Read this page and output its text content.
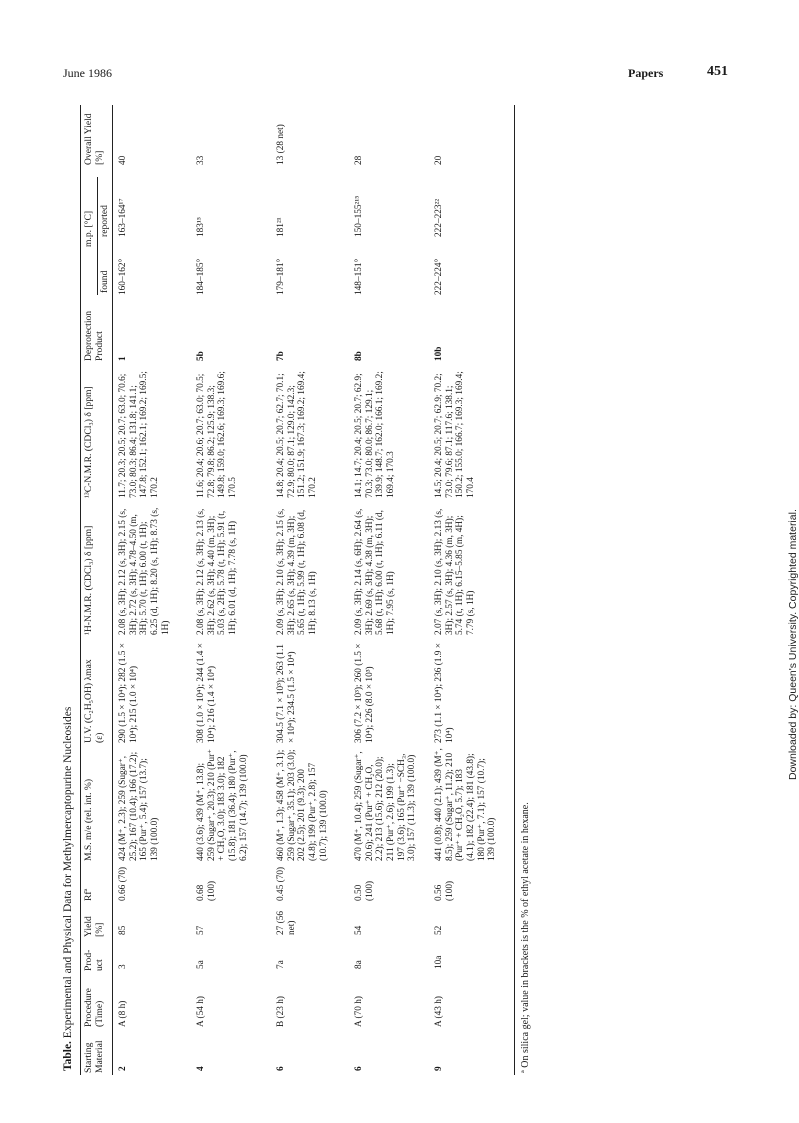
June 1986	Papers	451
Downloaded by: Queen's University. Copyrighted material.
Table. Experimental and Physical Data for Methylmercaptopurine Nucleosides
Starting Material
Procedure (Time)
Prod- uct
Yield [%]
Rfª
M.S. m/e (rel. int. %)
U.V. (C₂H₅OH) λmax (ε)
¹H-N.M.R. (CDCl₃) δ [ppm]
¹³C-N.M.R. (CDCl₃) δ [ppm]
Deprotection Product
m.p. [°C]
found
reported
Overall Yield [%]
2
A (8 h)
3
85
0.66 (70)
424 (M⁺, 2.3); 259 (Sugar⁺, 25.2); 167 (10.4); 166 (17.2); 165 (Pur⁺, 5.4); 157 (13.7); 139 (100.0)
290 (1.5 × 10⁴); 282 (1.5 × 10⁴); 215 (1.0 × 10⁴)
2.08 (s, 3H); 2.12 (s, 3H); 2.15 (s, 3H); 2.72 (s, 3H); 4.78–4.50 (m, 3H); 5.70 (t, 1H); 6.00 (t, 1H); 6.25 (d, 1H); 8.20 (s, 1H); 8.73 (s, 1H)
11.7; 20.3; 20.5; 20.7; 63.0; 70.6; 73.0; 80.3; 86.4; 131.8; 141.1; 147.8; 152.1; 162.1; 169.2; 169.5; 170.2
1
160–162°
163–164¹⁷
40
4
A (54 h)
5a
57
0.68 (100)
440 (3.6); 439 (M⁺, 13.8); 259 (Sugar⁺, 20.3); 210 (Pur⁺ + CH₂O, 3.0); 183 3.0); 182 (15.8); 181 (36.4); 180 (Pur⁺, 6.2); 157 (14.7); 139 (100.0)
308 (1.0 × 10⁴); 244 (1.4 × 10⁴); 216 (1.4 × 10⁴)
2.08 (s, 3H); 2.12 (s, 3H); 2.13 (s, 3H); 2.62 (s, 3H); 4.40 (m, 3H); 5.03 (s, 2H); 5.78 (t, 1H); 5.91 (t, 1H); 6.01 (d, 1H); 7.78 (s, 1H)
11.6; 20.4; 20.6; 20.7; 63.0; 70.5; 72.8; 79.8; 86.2; 125.9; 138.3; 149.8; 159.0; 162.6; 169.3; 169.6; 170.5
5b
184–185°
183¹⁵
33
6
B (23 h)
7a
27 (56 net)
0.45 (70)
460 (M⁺, 1.3); 458 (M⁺, 3.1); 259 (Sugar⁺, 35.1); 203 (3.0); 202 (2.5); 201 (9.3); 200 (4.8); 199 (Pur⁺, 2.8); 157 (10.7); 139 (100.0)
304.5 (7.1 × 10³); 263 (1.1 × 10⁴); 234.5 (1.5 × 10⁴)
2.09 (s, 3H); 2.10 (s, 3H); 2.15 (s, 3H); 2.65 (s, 3H); 4.39 (m, 3H); 5.65 (t, 1H); 5.99 (t, 1H); 6.08 (d, 1H); 8.13 (s, 1H)
14.8; 20.4; 20.5; 20.7; 62.7; 70.1; 72.9; 80.0; 87.1; 129.0; 142.3; 151.2; 151.9; 167.3; 169.2; 169.4; 170.2
7b
179–181°
181²¹
13 (28 net)
6
A (70 h)
8a
54
0.50 (100)
470 (M⁺, 10.4); 259 (Sugar⁺, 20.6); 241 (Pur⁺ + CH₂O, 2.2); 213 (15.6); 212 (20.0); 211 (Pur⁺, 2.6); 199 (1.3); 197 (3.6); 165 (Pur⁺ −SCH₃, 3.0); 157 (11.3); 139 (100.0)
306 (7.2 × 10³); 260 (1.5 × 10⁴); 226 (8.0 × 10³)
2.09 (s, 3H); 2.14 (s, 6H); 2.64 (s, 3H); 2.69 (s, 3H); 4.38 (m, 3H); 5.68 (t, 1H); 6.00 (t, 1H); 6.11 (d, 1H); 7.95 (s, 1H)
14.1; 14.7; 20.4; 20.5; 20.7; 62.9; 70.3; 73.0; 80.0; 86.7; 129.1; 139.9; 148.7; 162.0; 166.1; 169.2; 169.4; 170.3
8b
148–151°
150–155²¹⁵
28
9
A (43 h)
10a
52
0.56 (100)
441 (0.8); 440 (2.1); 439 (M⁺, 8.5); 259 (Sugar⁺, 11.2); 210 (Pur⁺ + CH₂O, 5.7); 183 (4.1); 182 (22.4); 181 (43.8); 180 (Pur⁺, 7.1); 157 (10.7); 139 (100.0)
273 (1.1 × 10⁴); 236 (1.9 × 10⁴)
2.07 (s, 3H); 2.10 (s, 3H); 2.13 (s, 3H); 2.57 (s, 3H); 4.36 (m, 3H); 5.74 (t, 1H); 6.15–5.85 (m, 4H); 7.79 (s, 1H)
14.5; 20.4; 20.5; 20.7; 62.9; 70.2; 73.0; 79.6; 87.1; 117.6; 138.1; 150.2; 155.0; 166.7; 169.3; 169.4; 170.4
10b
222–224°
222–223²²
20
ª On silica gel; value in brackets is the % of ethyl acetate in hexane.
